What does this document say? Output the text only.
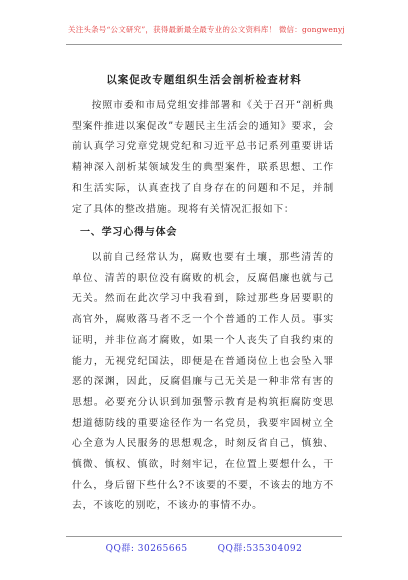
关注头条号“公文研究”，获得最新最全最专业的公文资料库！ 微信：gongwenyj
以案促改专题组织生活会剖析检查材料

按照市委和市局党组安排部署和《关于召开“剖析典型案件推进以案促改”专题民主生活会的通知》要求，会前认真学习党章党规党纪和习近平总书记系列重要讲话精神深入剖析某领域发生的典型案件，联系思想、工作和生活实际，认真查找了自身存在的问题和不足，并制定了具体的整改措施。现将有关情况汇报如下：

一、学习心得与体会

以前自己经常认为，腐败也要有土壤，那些清苦的单位、清苦的职位没有腐败的机会，反腐倡廉也就与己无关。然而在此次学习中我看到，除过那些身居要职的高官外，腐败落马者不乏一个个普通的工作人员。事实证明，并非位高才腐败，如果一个人丧失了自我约束的能力，无视党纪国法，即便是在普通岗位上也会坠入罪恶的深渊，因此，反腐倡廉与己无关是一种非常有害的思想。必要充分认识到加强警示教育是构筑拒腐防变思想道德防线的重要途径作为一名党员，我要牢固树立全心全意为人民服务的思想观念，时刻反省自己，慎独、慎微、慎权、慎欲，时刻牢记，在位置上要想什么，干什么，身后留下些什么?不该要的不要，不该去的地方不去，不该吃的别吃，不该办的事情不办。

QQ群: 30265665	QQ群:535304092
